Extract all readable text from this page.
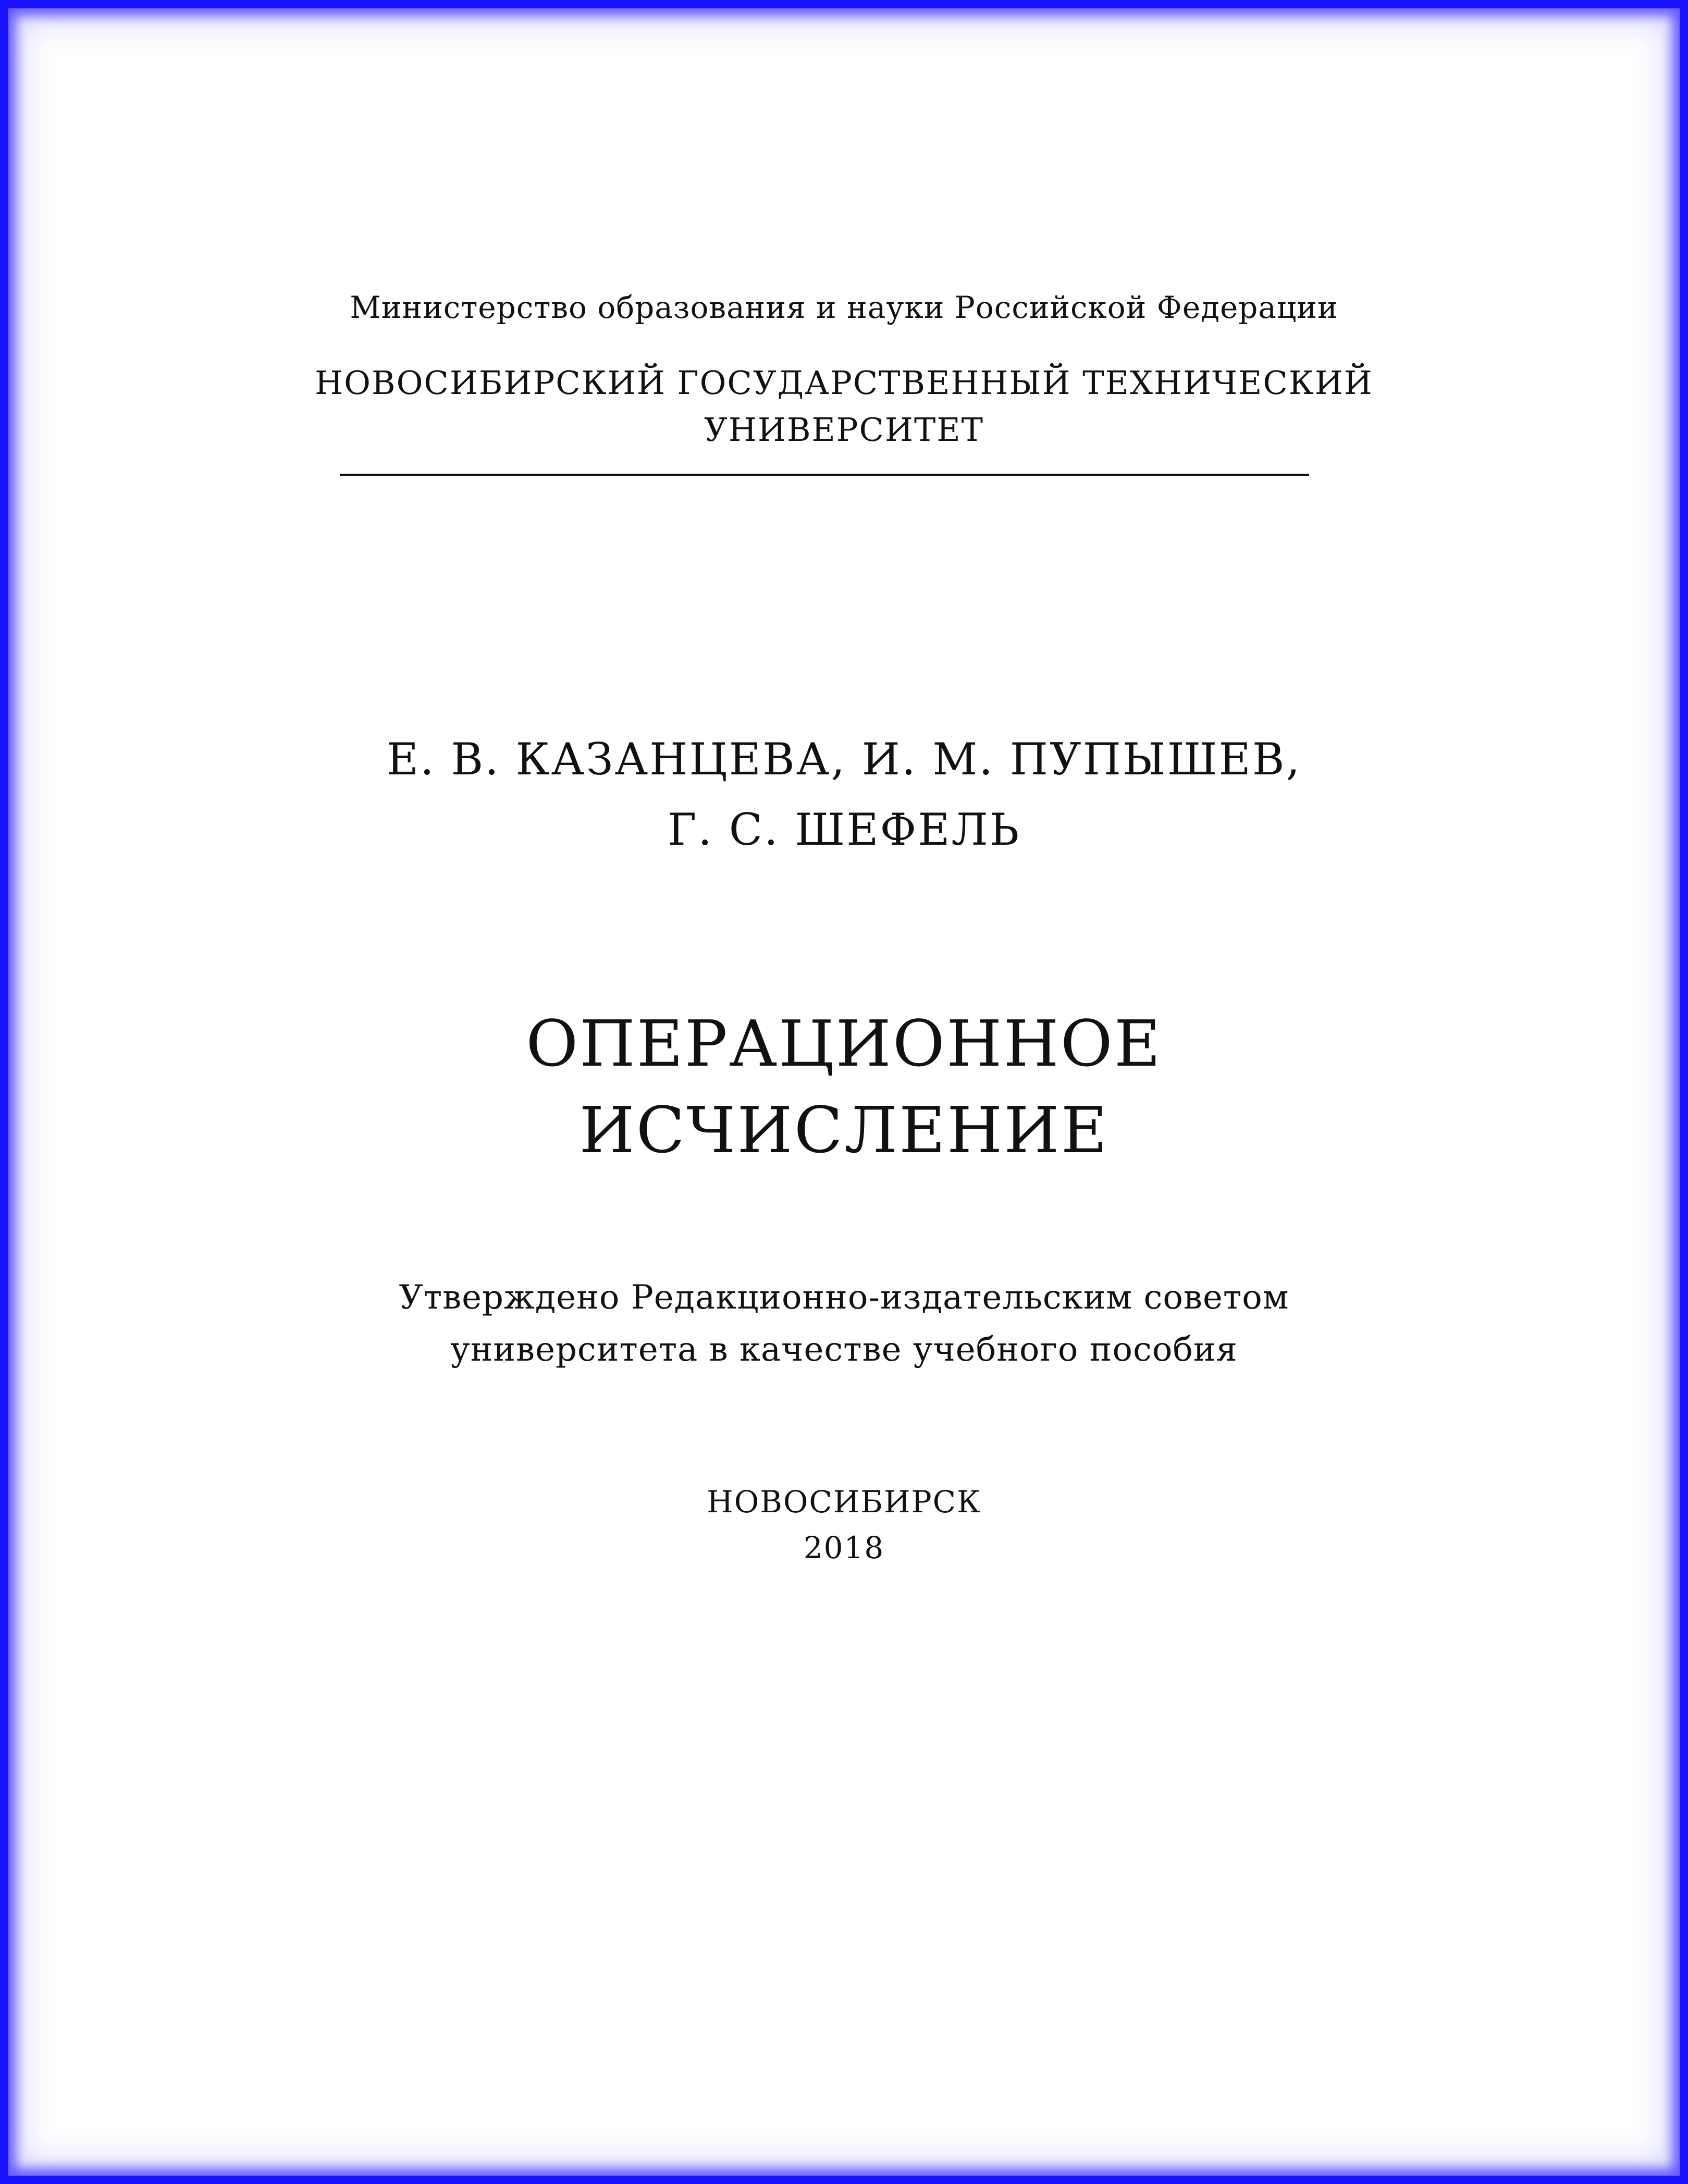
Министерство образования и науки Российской Федерации
НОВОСИБИРСКИЙ ГОСУДАРСТВЕННЫЙ ТЕХНИЧЕСКИЙ
УНИВЕРСИТЕТ
Е. В. КАЗАНЦЕВА, И. М. ПУПЫШЕВ,
Г. С. ШЕФЕЛЬ
ОПЕРАЦИОННОЕ
ИСЧИСЛЕНИЕ
Утверждено Редакционно-издательским советом
университета в качестве учебного пособия
НОВОСИБИРСК
2018
